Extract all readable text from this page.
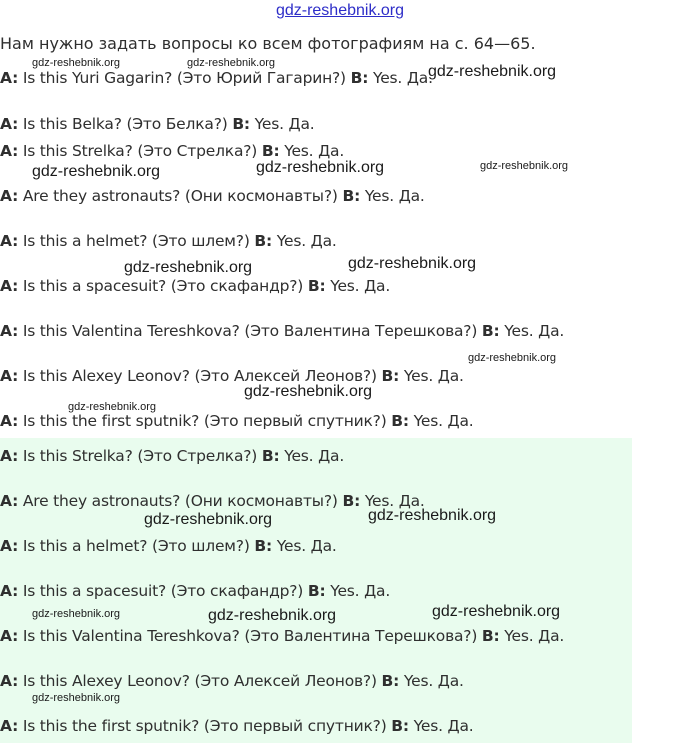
gdz-reshebnik.org
Нам нужно задать вопросы ко всем фотографиям на с. 64—65.
A: Is this Yuri Gagarin? (Это Юрий Гагарин?) B: Yes. Да.
A: Is this Belka? (Это Белка?) B: Yes. Да.
A: Is this Strelka? (Это Стрелка?) B: Yes. Да.
A: Are they astronauts? (Они космонавты?) B: Yes. Да.
A: Is this a helmet? (Это шлем?) B: Yes. Да.
A: Is this a spacesuit? (Это скафандр?) B: Yes. Да.
A: Is this Valentina Tereshkova? (Это Валентина Терешкова?) B: Yes. Да.
A: Is this Alexey Leonov? (Это Алексей Леонов?) B: Yes. Да.
A: Is this the first sputnik? (Это первый спутник?) B: Yes. Да.
A: Is this Strelka? (Это Стрелка?) B: Yes. Да.
A: Are they astronauts? (Они космонавты?) B: Yes. Да.
A: Is this a helmet? (Это шлем?) B: Yes. Да.
A: Is this a spacesuit? (Это скафандр?) B: Yes. Да.
A: Is this Valentina Tereshkova? (Это Валентина Терешкова?) B: Yes. Да.
A: Is this Alexey Leonov? (Это Алексей Леонов?) B: Yes. Да.
A: Is this the first sputnik? (Это первый спутник?) B: Yes. Да.
gdz-reshebnik.org	gdz-reshebnik.org	gdz-reshebnik.org
gdz-reshebnik.org	gdz-reshebnik.org	gdz-reshebnik.org
gdz-reshebnik.org	gdz-reshebnik.org
gdz-reshebnik.org
gdz-reshebnik.org
gdz-reshebnik.org
gdz-reshebnik.org	gdz-reshebnik.org
gdz-reshebnik.org	gdz-reshebnik.org	gdz-reshebnik.org
gdz-reshebnik.org
